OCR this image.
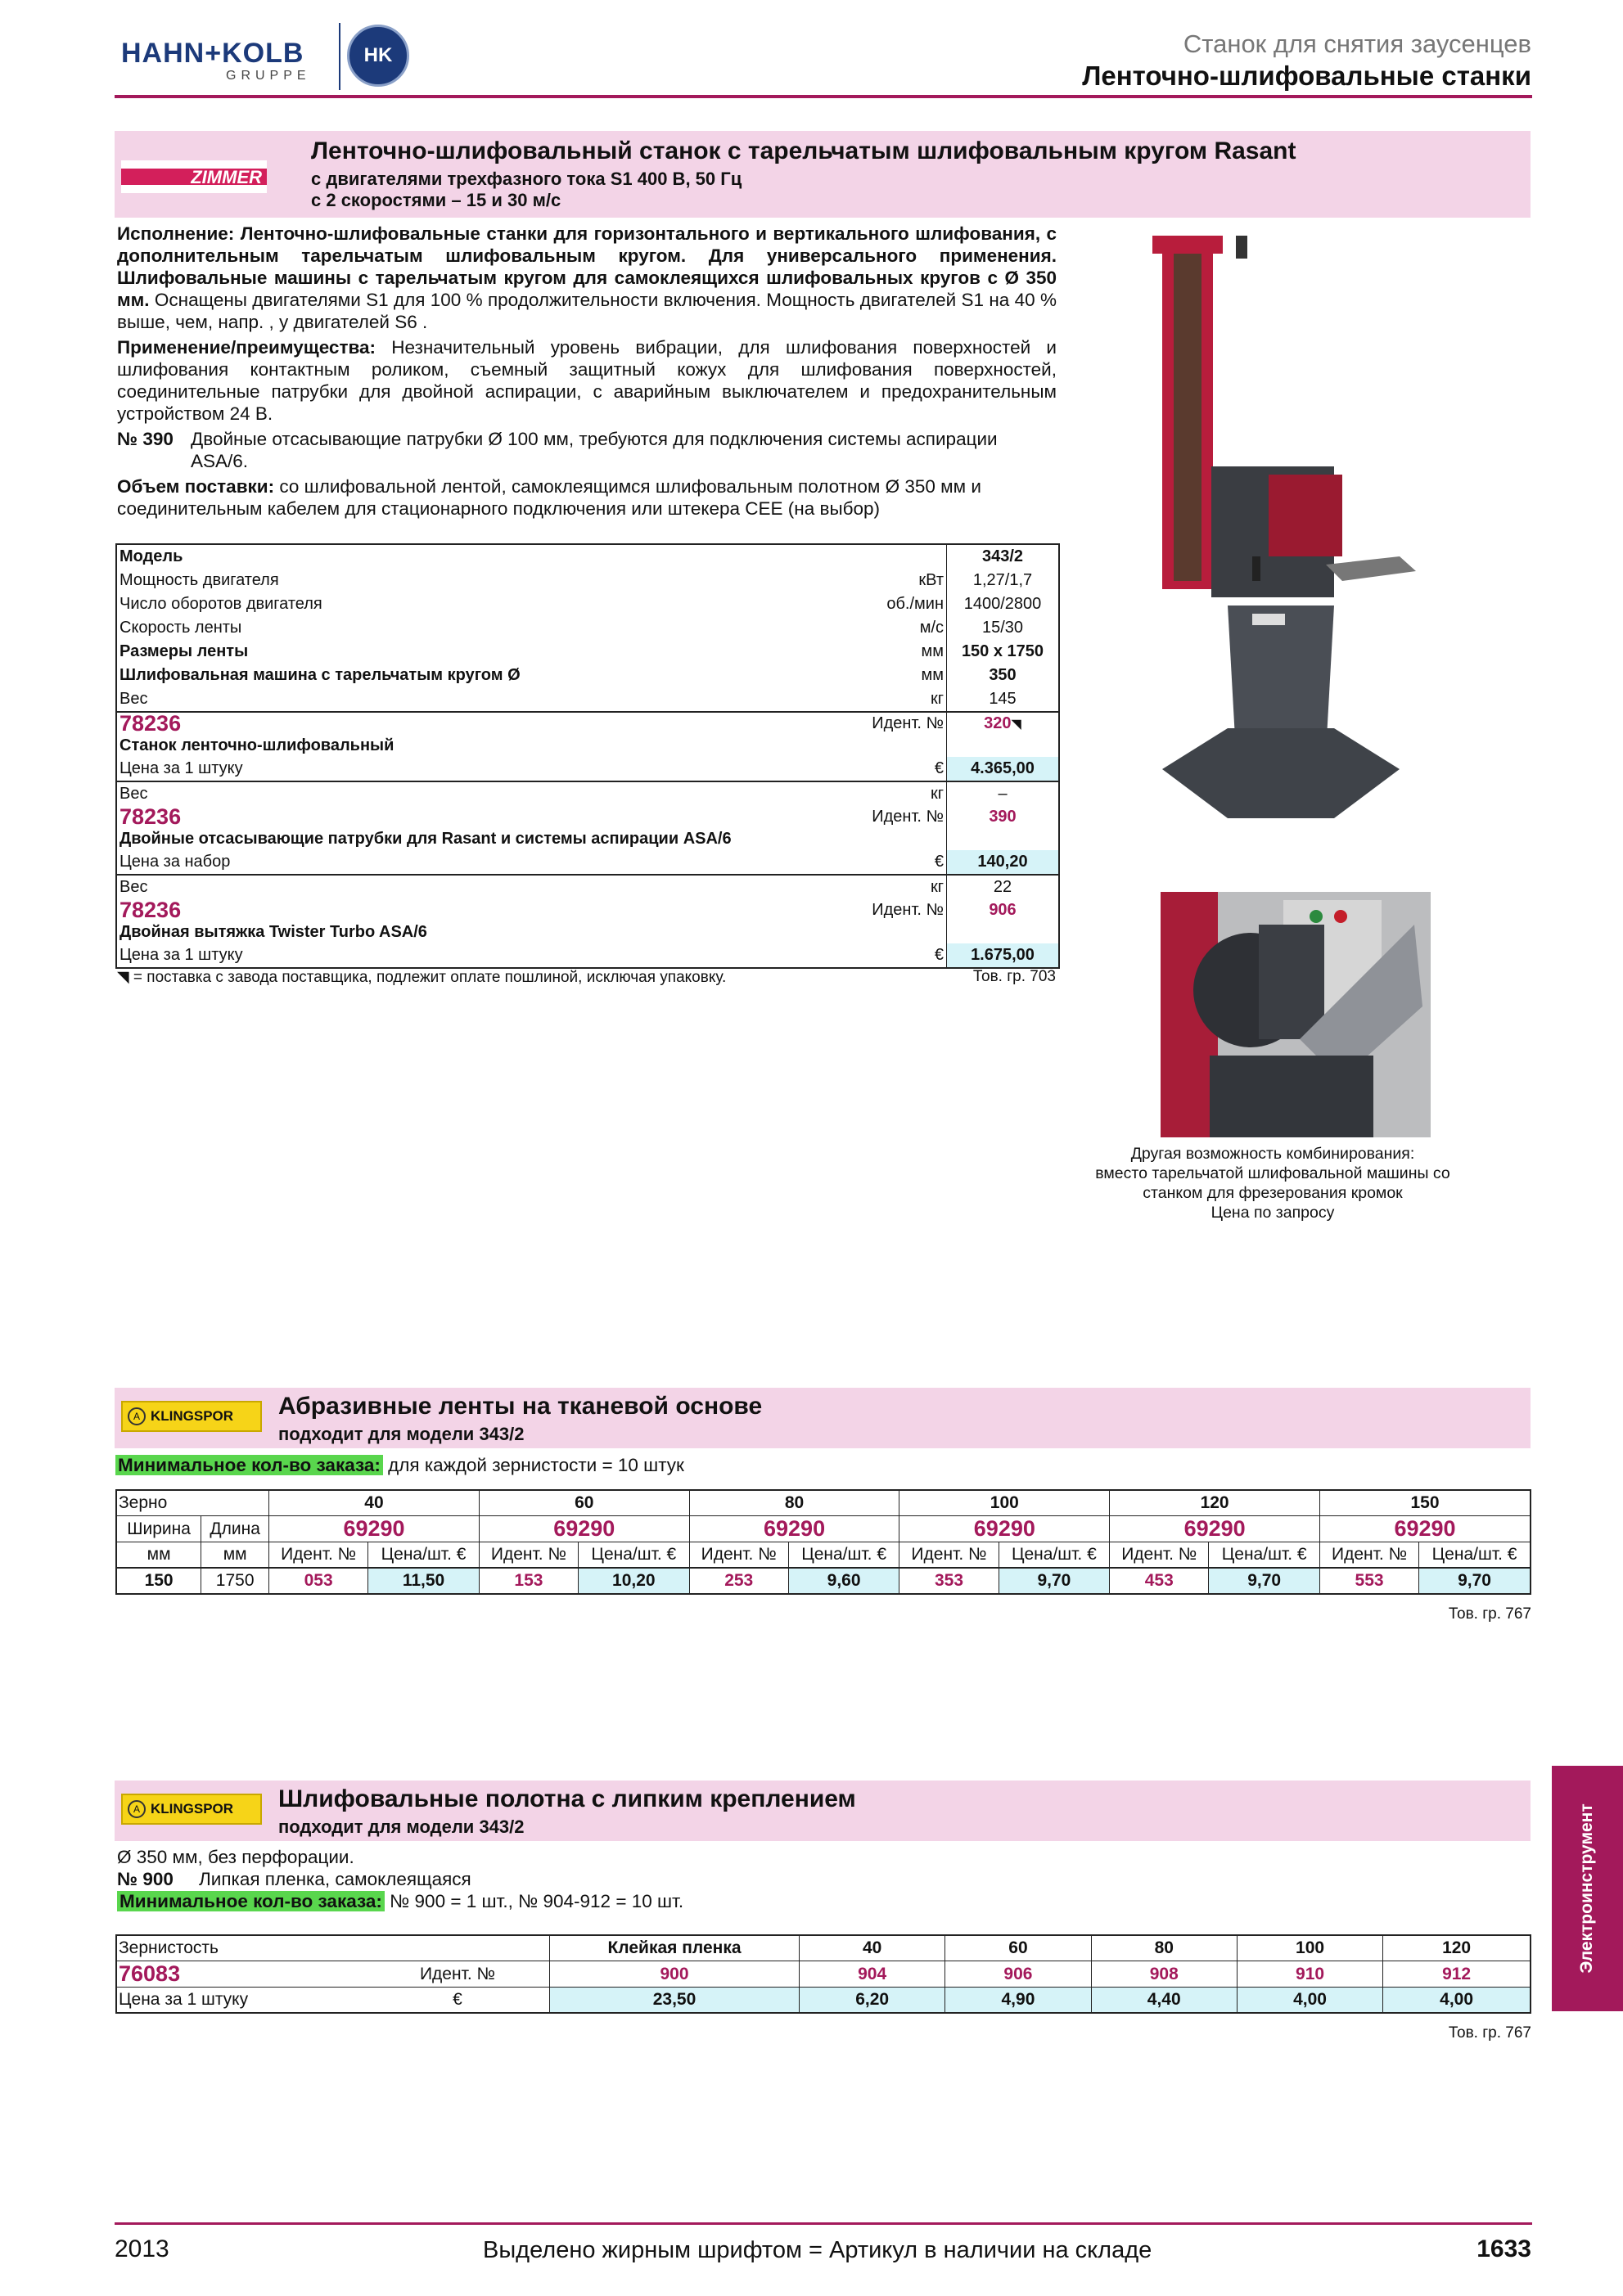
HAHN+KOLB
GRUPPE
HK	Станок для снятия заусенцев
Ленточно-шлифовальные станки
ZIMMER
Ленточно-шлифовальный станок с тарельчатым шлифовальным кругом Rasant
с двигателями трехфазного тока S1 400 В, 50 Гц
с 2 скоростями – 15 и 30 м/с
Исполнение: Ленточно-шлифовальные станки для горизонтального и вертикального шлифования, с дополнительным тарельчатым шлифовальным кругом. Для универсального применения. Шлифовальные машины с тарельчатым кругом для самоклеящихся шлифовальных кругов с Ø 350 мм. Оснащены двигателями S1 для 100 % продолжительности включения. Мощность двигателей S1 на 40 % выше, чем, напр. , у двигателей S6 .
Применение/преимущества: Незначительный уровень вибрации, для шлифования поверхностей и шлифования контактным роликом, съемный защитный кожух для шлифования поверхностей, соединительные патрубки для двойной аспирации, с аварийным выключателем и предохранительным устройством 24 В.
№ 390 Двойные отсасывающие патрубки Ø 100 мм, требуются для подключения системы аспирации ASA/6.
Объем поставки: со шлифовальной лентой, самоклеящимся шлифовальным полотном Ø 350 мм и соединительным кабелем для стационарного подключения или штекера CEE (на выбор)
Модель		343/2
Мощность двигателя	кВт	1,27/1,7
Число оборотов двигателя	об./мин	1400/2800
Скорость ленты	м/с	15/30
Размеры ленты	мм	150 x 1750
Шлифовальная машина с тарельчатым кругом Ø	мм	350
Вес	кг	145
78236Станок ленточно-шлифовальный	Идент. №	320◥
Цена за 1 штуку	€	4.365,00
Вес	кг	–
78236Двойные отсасывающие патрубки для Rasant и системы аспирации ASA/6	Идент. №	390
Цена за набор	€	140,20
Вес	кг	22
78236Двойная вытяжка Twister Turbo ASA/6	Идент. №	906
Цена за 1 штуку	€	1.675,00
◥ = поставка с завода поставщика, подлежит оплате пошлиной, исключая упаковку.	Тов. гр. 703
Другая возможность комбинирования:
вместо тарельчатой шлифовальной машины со
станком для фрезерования кромок
Цена по запросу
A KLINGSPOR Абразивные ленты на тканевой основе
подходит для модели 343/2
Минимальное кол-во заказа: для каждой зернистости = 10 штук
Зерно		40		60		80		100		120		150	
Ширина	Длина	69290		69290		69290		69290		69290		69290	
мм	мм	Идент. №	Цена/шт. €	Идент. №	Цена/шт. €	Идент. №	Цена/шт. €	Идент. №	Цена/шт. €	Идент. №	Цена/шт. €	Идент. №	Цена/шт. €
150	1750	053	11,50	153	10,20	253	9,60	353	9,70	453	9,70	553	9,70
Тов. гр. 767
A KLINGSPOR Шлифовальные полотна с липким креплением
подходит для модели 343/2
Ø 350 мм, без перфорации.
№ 900	Липкая пленка, самоклеящаяся
Минимальное кол-во заказа: № 900 = 1 шт., № 904-912 = 10 шт.
Зернистость		Клейкая пленка	40	60	80	100	120
76083	Идент. №	900	904	906	908	910	912
Цена за 1 штуку	€	23,50	6,20	4,90	4,40	4,00	4,00
Тов. гр. 767
Электроинструмент
2013	Выделено жирным шрифтом = Артикул в наличии на складе	1633
